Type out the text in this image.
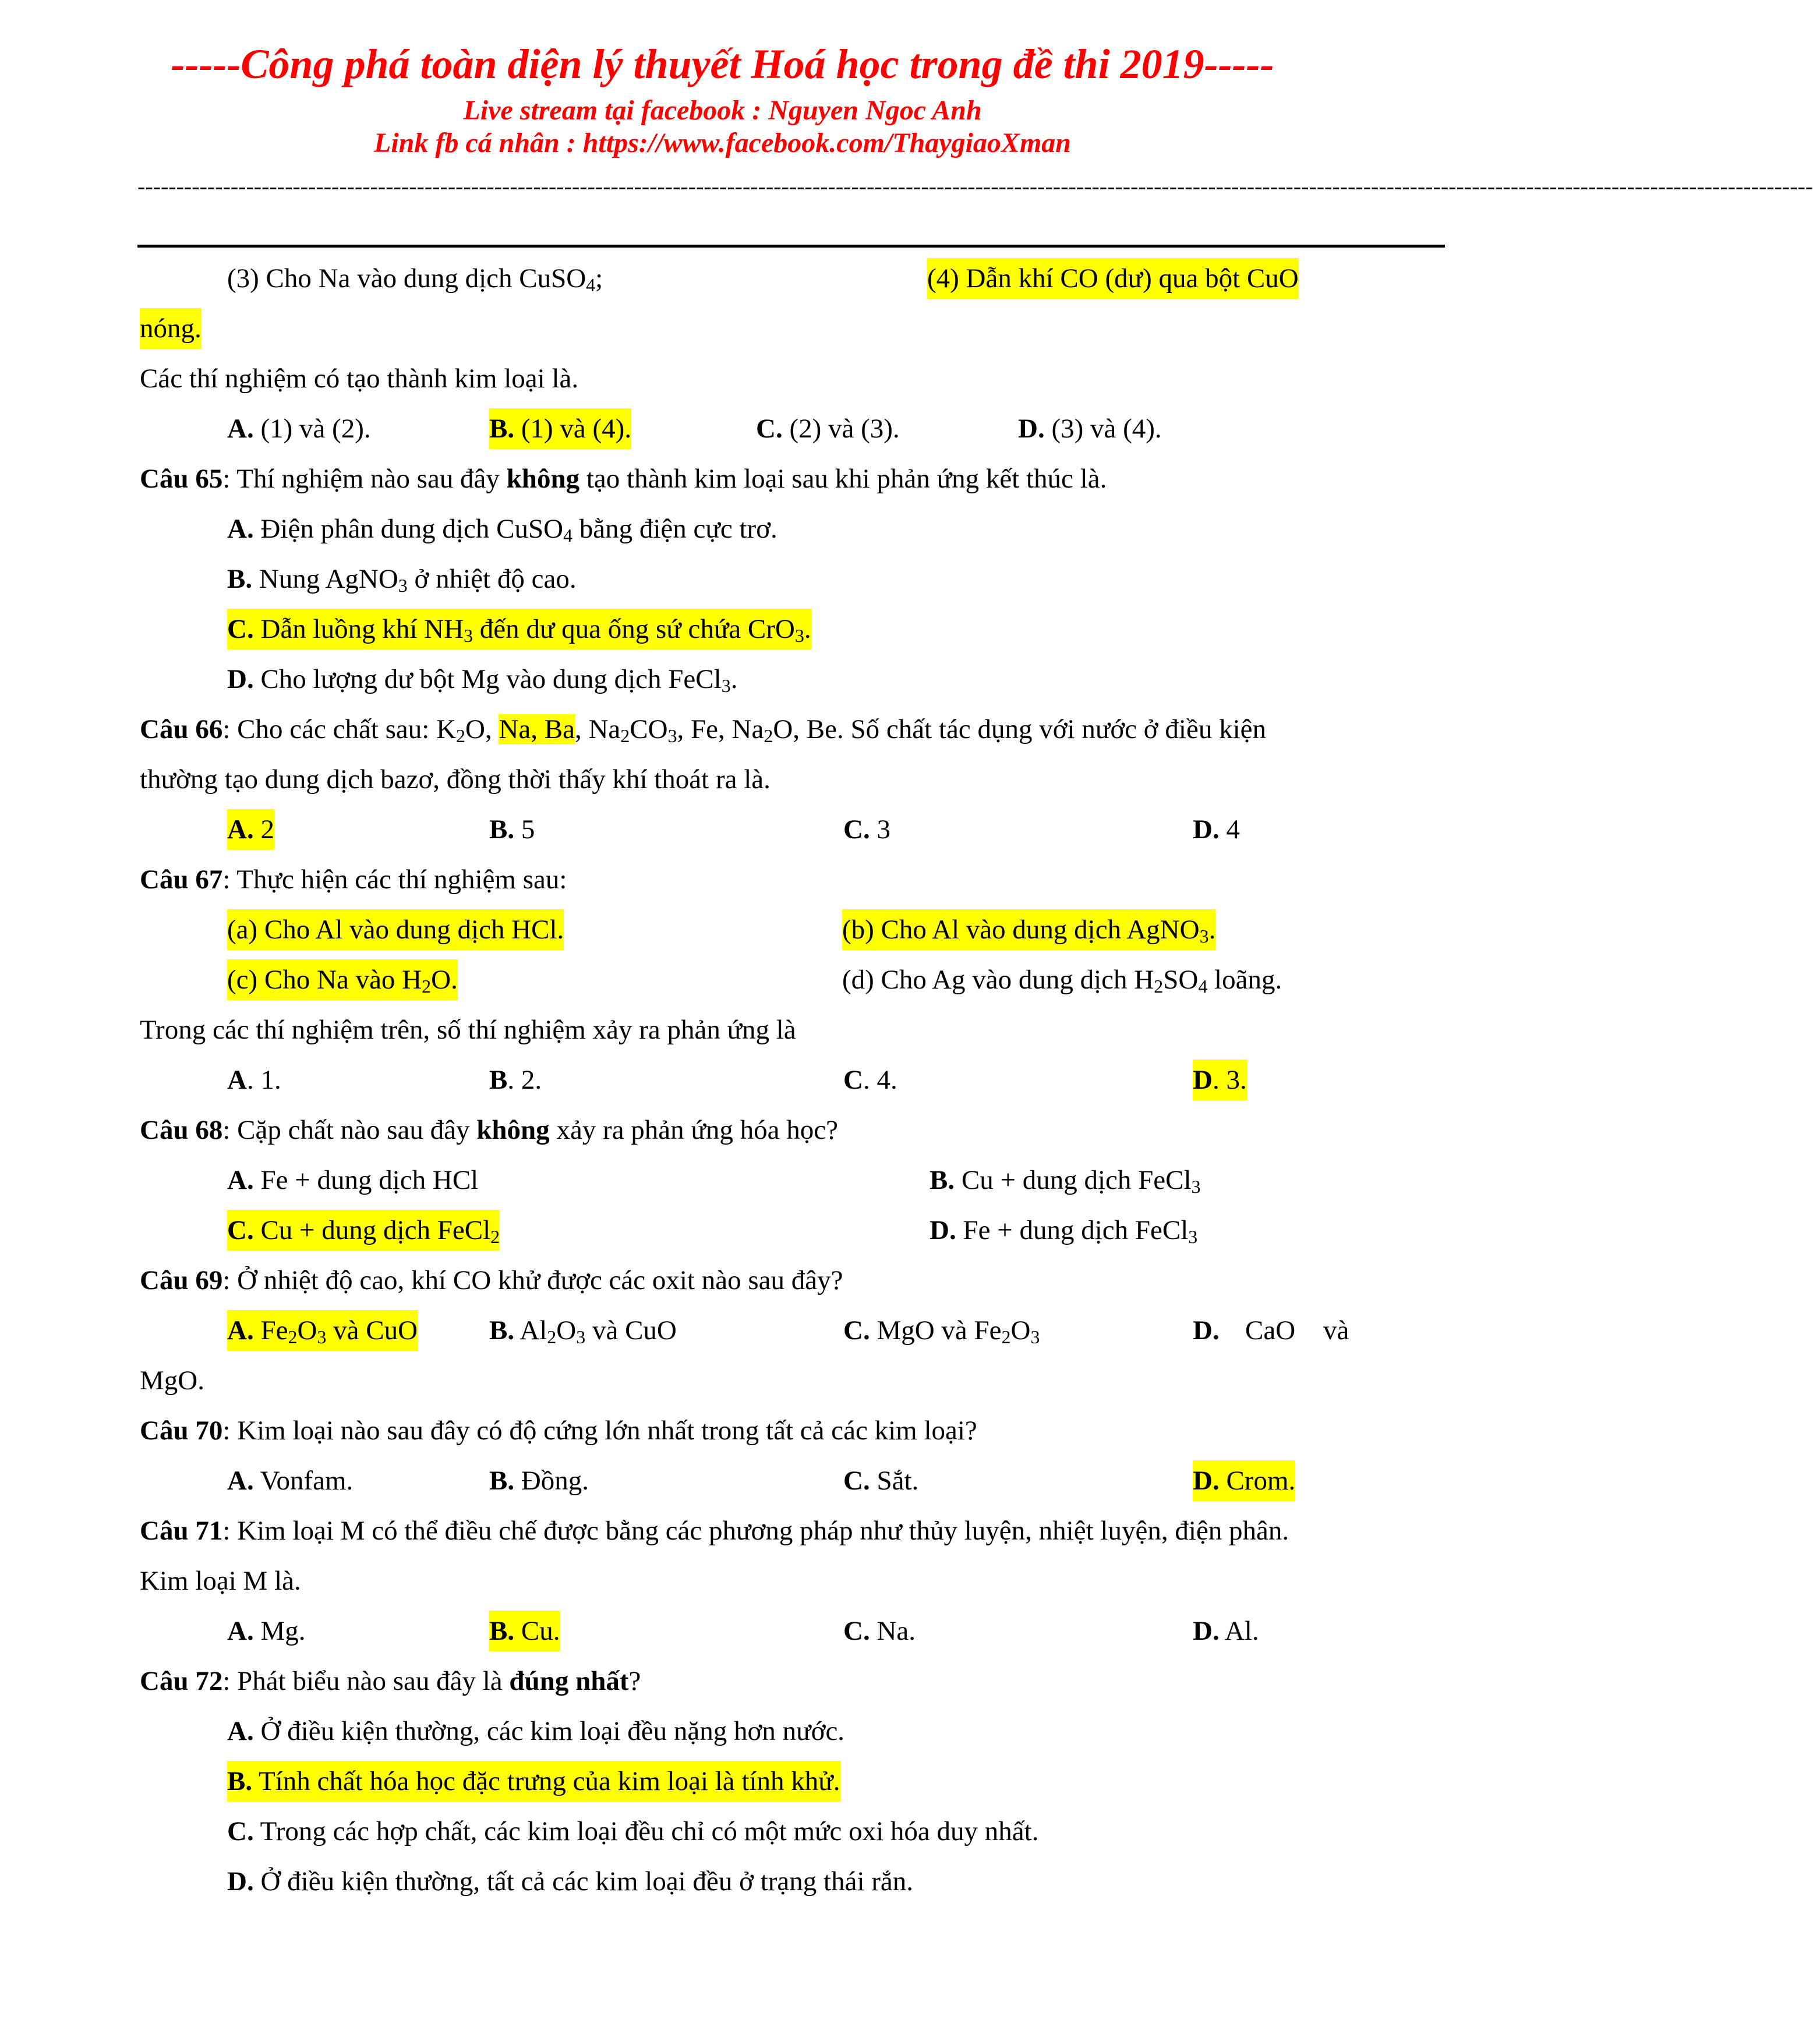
-----Công phá toàn diện lý thuyết Hoá học trong đề thi 2019-----
Live stream tại facebook : Nguyen Ngoc Anh
Link fb cá nhân : https://www.facebook.com/ThaygiaoXman
------------------------------------------------------------------------------------------------------------------------------------------------------------------------------------------------------------------------
(3) Cho Na vào dung dịch CuSO$_4$;	(4) Dẫn khí CO (dư) qua bột CuO
nóng.
Các thí nghiệm có tạo thành kim loại là.
A. (1) và (2).	B. (1) và (4).	C. (2) và (3).	D. (3) và (4).
Câu 65: Thí nghiệm nào sau đây không tạo thành kim loại sau khi phản ứng kết thúc là.
A. Điện phân dung dịch CuSO$_4$ bằng điện cực trơ.
B. Nung AgNO$_3$ ở nhiệt độ cao.
C. Dẫn luồng khí $NH_3$ đến dư qua ống sứ chứa CrO$_3$.
D. Cho lượng dư bột Mg vào dung dịch FeCl$_3$.
Câu 66: Cho các chất sau: $K_2O$, Na, Ba, $Na_2CO_3$, Fe, $Na_2O$, Be. Số chất tác dụng với nước ở điều kiện
thường tạo dung dịch bazơ, đồng thời thấy khí thoát ra là.
A. 2	B. 5	C. 3	D. 4
Câu 67: Thực hiện các thí nghiệm sau:
(a) Cho Al vào dung dịch HCl.	(b) Cho Al vào dung dịch AgNO$_3$.
(c) Cho Na vào $H_2O$.	(d) Cho Ag vào dung dịch $H_2SO_4$ loãng.
Trong các thí nghiệm trên, số thí nghiệm xảy ra phản ứng là
A. 1.	B. 2.	C. 4.	D. 3.
Câu 68: Cặp chất nào sau đây không xảy ra phản ứng hóa học?
A. Fe + dung dịch HCl	B. Cu + dung dịch FeCl$_3$
C. Cu + dung dịch FeCl$_2$	D. Fe + dung dịch FeCl$_3$
Câu 69: Ở nhiệt độ cao, khí CO khử được các oxit nào sau đây?
A. $Fe_2O_3$ và CuO	B. $Al_2O_3$ và CuO	C. MgO và $Fe_2O_3$	D. CaO và
MgO.
Câu 70: Kim loại nào sau đây có độ cứng lớn nhất trong tất cả các kim loại?
A. Vonfam.	B. Đồng.	C. Sắt.	D. Crom.
Câu 71: Kim loại M có thể điều chế được bằng các phương pháp như thủy luyện, nhiệt luyện, điện phân.
Kim loại M là.
A. Mg.	B. Cu.	C. Na.	D. Al.
Câu 72: Phát biểu nào sau đây là đúng nhất?
A. Ở điều kiện thường, các kim loại đều nặng hơn nước.
B. Tính chất hóa học đặc trưng của kim loại là tính khử.
C. Trong các hợp chất, các kim loại đều chỉ có một mức oxi hóa duy nhất.
D. Ở điều kiện thường, tất cả các kim loại đều ở trạng thái rắn.
